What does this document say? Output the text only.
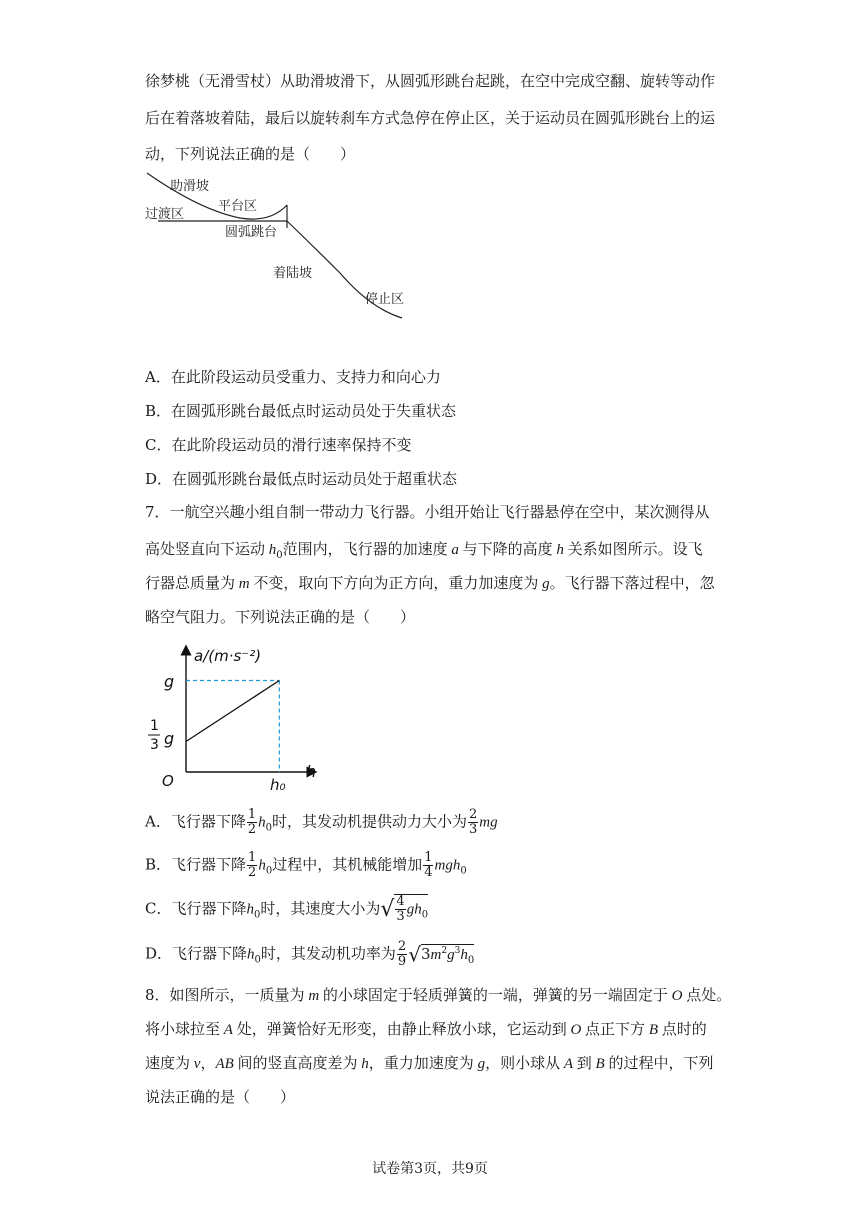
徐梦桃（无滑雪杖）从助滑坡滑下，从圆弧形跳台起跳，在空中完成空翻、旋转等动作
后在着落坡着陆，最后以旋转刹车方式急停在停止区，关于运动员在圆弧形跳台上的运
动，下列说法正确的是（　　）
助滑坡
平台区
过渡区
圆弧跳台
着陆坡
停止区
A．在此阶段运动员受重力、支持力和向心力
B．在圆弧形跳台最低点时运动员处于失重状态
C．在此阶段运动员的滑行速率保持不变
D．在圆弧形跳台最低点时运动员处于超重状态
7．一航空兴趣小组自制一带动力飞行器。小组开始让飞行器悬停在空中，某次测得从
高处竖直向下运动 $h_0$范围内，飞行器的加速度 a 与下降的高度 h 关系如图所示。设飞
行器总质量为 m 不变，取向下方向为正方向，重力加速度为 g。飞行器下落过程中，忽
略空气阻力。下列说法正确的是（　　）
a/(m·s⁻²)
h
O
g
1
3 g
h₀
A．飞行器下降 $\frac{1}{2} h_0$时，其发动机提供动力大小为 $\frac{2}{3}$ mg
B．飞行器下降 $\frac{1}{2} h_0$过程中，其机械能增加 $\frac{1}{4} mgh_0$
C．飞行器下降$h_0$时，其速度大小为√ $\frac{4}{3} gh_0$
D．飞行器下降$h_0$时，其发动机功率为 $\frac{2}{9} √3m^2g^3h_0$
8．如图所示，一质量为 m 的小球固定于轻质弹簧的一端，弹簧的另一端固定于 O 点处。
将小球拉至 A 处，弹簧恰好无形变，由静止释放小球，它运动到 O 点正下方 B 点时的
速度为 v，AB 间的竖直高度差为 h，重力加速度为 g，则小球从 A 到 B 的过程中，下列
说法正确的是（　　）
试卷第3页，共9页
